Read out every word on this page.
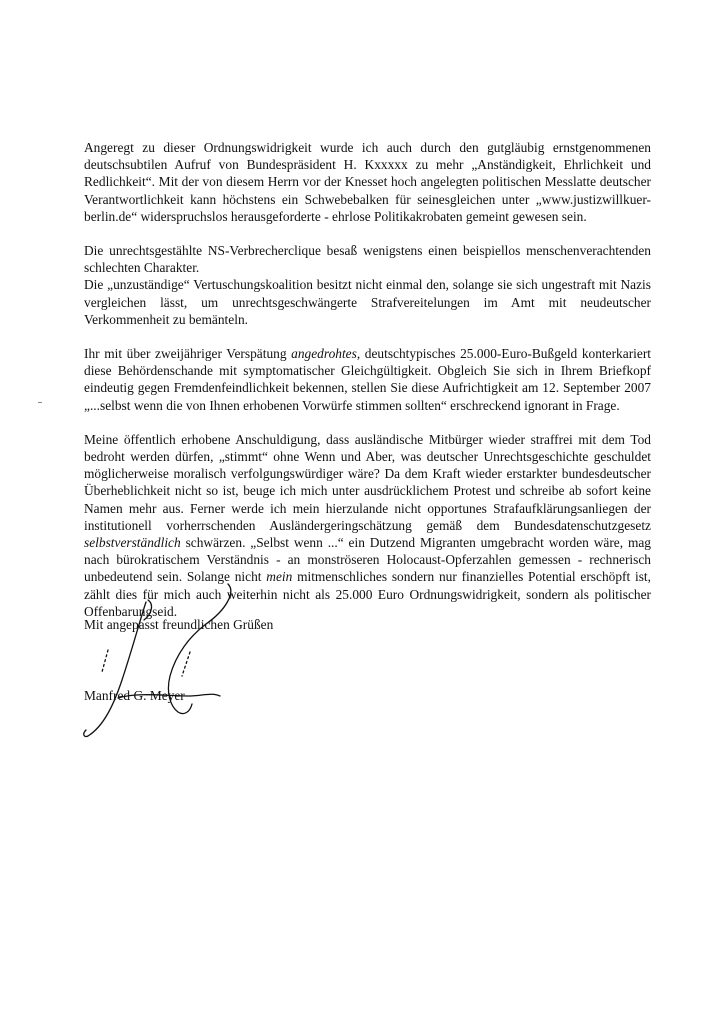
Angeregt zu dieser Ordnungswidrigkeit wurde ich auch durch den gutgläubig ernstgenommenen
deutschsubtilen Aufruf von Bundespräsident H. Kxxxxx zu mehr „Anständigkeit, Ehrlichkeit und
Redlichkeit“. Mit der von diesem Herrn vor der Knesset hoch angelegten politischen Messlatte deutscher
Verantwortlichkeit kann höchstens ein Schwebebalken für seinesgleichen unter „www.justizwillkuer-
berlin.de“ widerspruchslos herausgeforderte - ehrlose Politikakrobaten gemeint gewesen sein.

Die unrechtsgestählte NS-Verbrecherclique besaß wenigstens einen beispiellos menschenverachtenden
schlechten Charakter.
Die „unzuständige“ Vertuschungskoalition besitzt nicht einmal den, solange sie sich ungestraft mit Nazis
vergleichen lässt, um unrechtsgeschwängerte Strafvereitelungen im Amt mit neudeutscher
Verkommenheit zu bemänteln.

Ihr mit über zweijähriger Verspätung angedrohtes, deutschtypisches 25.000-Euro-Bußgeld konterkariert
diese Behördenschande mit symptomatischer Gleichgültigkeit. Obgleich Sie sich in Ihrem Briefkopf
eindeutig gegen Fremdenfeindlichkeit bekennen, stellen Sie diese Aufrichtigkeit am 12. September 2007
„...selbst wenn die von Ihnen erhobenen Vorwürfe stimmen sollten“ erschreckend ignorant in Frage.

Meine öffentlich erhobene Anschuldigung, dass ausländische Mitbürger wieder straffrei mit dem Tod
bedroht werden dürfen, „stimmt“ ohne Wenn und Aber, was deutscher Unrechtsgeschichte geschuldet
möglicherweise moralisch verfolgungswürdiger wäre? Da dem Kraft wieder erstarkter bundesdeutscher
Überheblichkeit nicht so ist, beuge ich mich unter ausdrücklichem Protest und schreibe ab sofort keine
Namen mehr aus. Ferner werde ich mein hierzulande nicht opportunes Strafaufklärungsanliegen der
institutionell vorherrschenden Ausländergeringschätzung gemäß dem Bundesdatenschutzgesetz
selbstverständlich schwärzen. „Selbst wenn ...“ ein Dutzend Migranten umgebracht worden wäre, mag
nach bürokratischem Verständnis - an monströseren Holocaust-Opferzahlen gemessen - rechnerisch
unbedeutend sein. Solange nicht mein mitmenschliches sondern nur finanzielles Potential erschöpft ist,
zählt dies für mich auch weiterhin nicht als 25.000 Euro Ordnungswidrigkeit, sondern als politischer
Offenbarungseid.

Mit angepasst freundlichen Grüßen
Manfred G. Meyer
